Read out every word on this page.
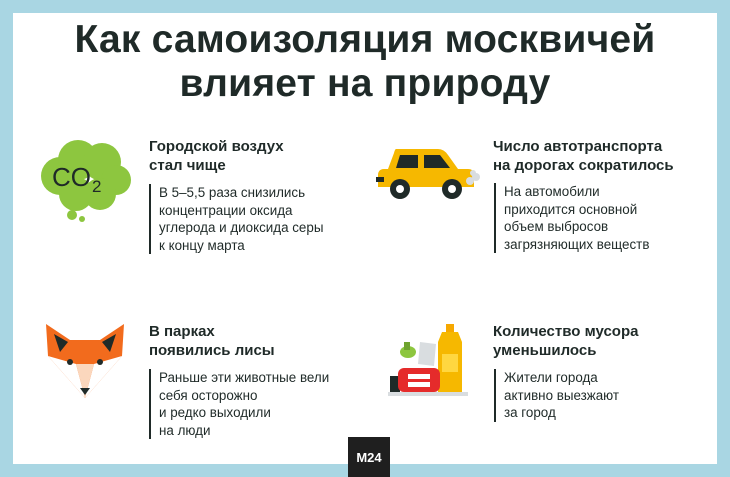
Как самоизоляция москвичей
влияет на природу
CO 2
Городской воздух
стал чище
В 5–5,5 раза снизились
концентрации оксида
углерода и диоксида серы
к концу марта
Число автотранспорта
на дорогах сократилось
На автомобили
приходится основной
объем выбросов
загрязняющих веществ
В парках
появились лисы
Раньше эти животные вели
себя осторожно
и редко выходили
на люди
Количество мусора
уменьшилось
Жители города
активно выезжают
за город
M24
